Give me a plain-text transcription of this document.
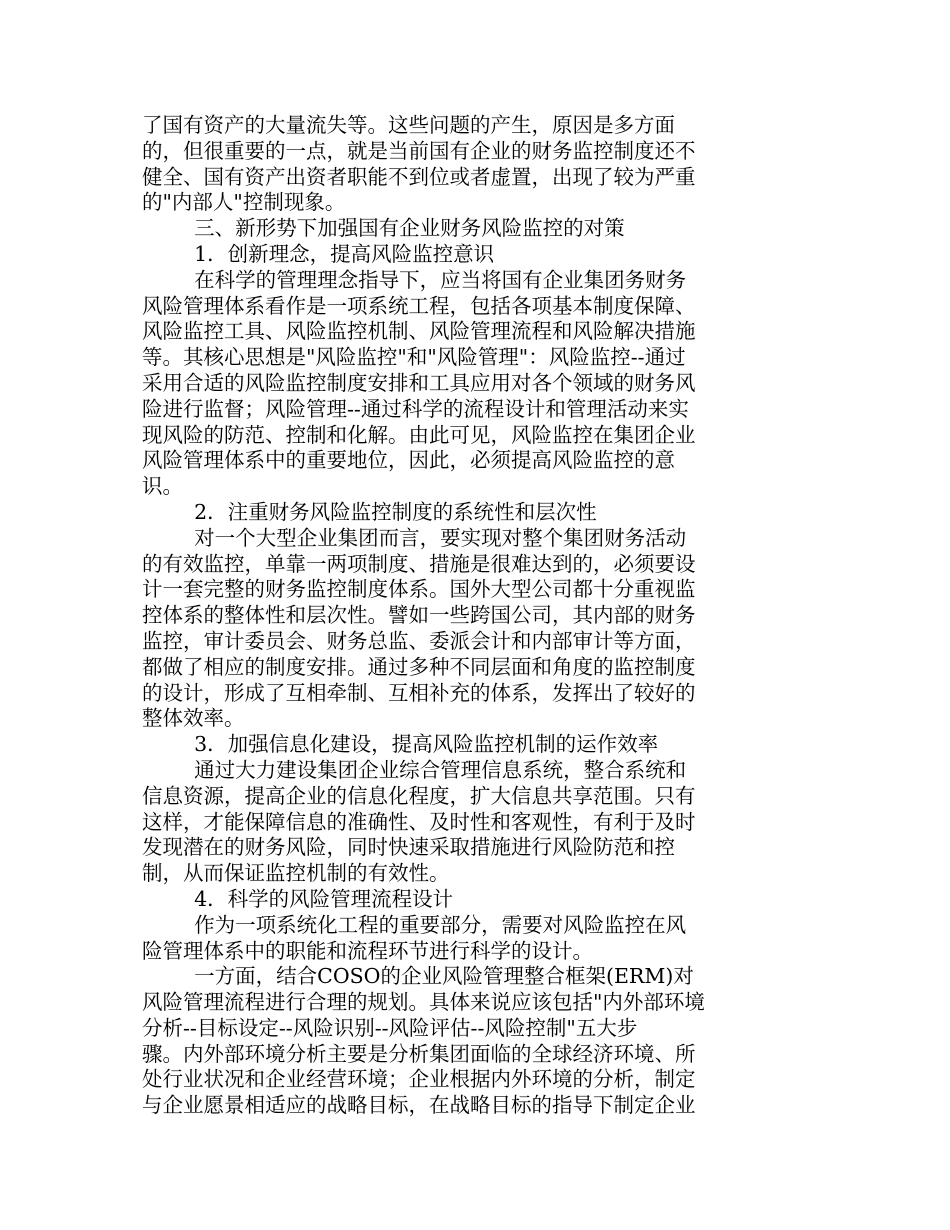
了国有资产的大量流失等。这些问题的产生，原因是多方面
的，但很重要的一点，就是当前国有企业的财务监控制度还不
健全、国有资产出资者职能不到位或者虚置，出现了较为严重
的"内部人"控制现象。
三、新形势下加强国有企业财务风险监控的对策
1．创新理念，提高风险监控意识
在科学的管理理念指导下，应当将国有企业集团务财务
风险管理体系看作是一项系统工程，包括各项基本制度保障、
风险监控工具、风险监控机制、风险管理流程和风险解决措施
等。其核心思想是"风险监控"和"风险管理"：风险监控--通过
采用合适的风险监控制度安排和工具应用对各个领域的财务风
险进行监督；风险管理--通过科学的流程设计和管理活动来实
现风险的防范、控制和化解。由此可见，风险监控在集团企业
风险管理体系中的重要地位，因此，必须提高风险监控的意
识。
2．注重财务风险监控制度的系统性和层次性
对一个大型企业集团而言，要实现对整个集团财务活动
的有效监控，单靠一两项制度、措施是很难达到的，必须要设
计一套完整的财务监控制度体系。国外大型公司都十分重视监
控体系的整体性和层次性。譬如一些跨国公司，其内部的财务
监控，审计委员会、财务总监、委派会计和内部审计等方面，
都做了相应的制度安排。通过多种不同层面和角度的监控制度
的设计，形成了互相牵制、互相补充的体系，发挥出了较好的
整体效率。
3．加强信息化建设，提高风险监控机制的运作效率
通过大力建设集团企业综合管理信息系统，整合系统和
信息资源，提高企业的信息化程度，扩大信息共享范围。只有
这样，才能保障信息的准确性、及时性和客观性，有利于及时
发现潜在的财务风险，同时快速采取措施进行风险防范和控
制，从而保证监控机制的有效性。
4．科学的风险管理流程设计
作为一项系统化工程的重要部分，需要对风险监控在风
险管理体系中的职能和流程环节进行科学的设计。
一方面，结合COSO的企业风险管理整合框架(ERM)对
风险管理流程进行合理的规划。具体来说应该包括"内外部环境
分析--目标设定--风险识别--风险评估--风险控制"五大步
骤。内外部环境分析主要是分析集团面临的全球经济环境、所
处行业状况和企业经营环境；企业根据内外环境的分析，制定
与企业愿景相适应的战略目标，在战略目标的指导下制定企业
